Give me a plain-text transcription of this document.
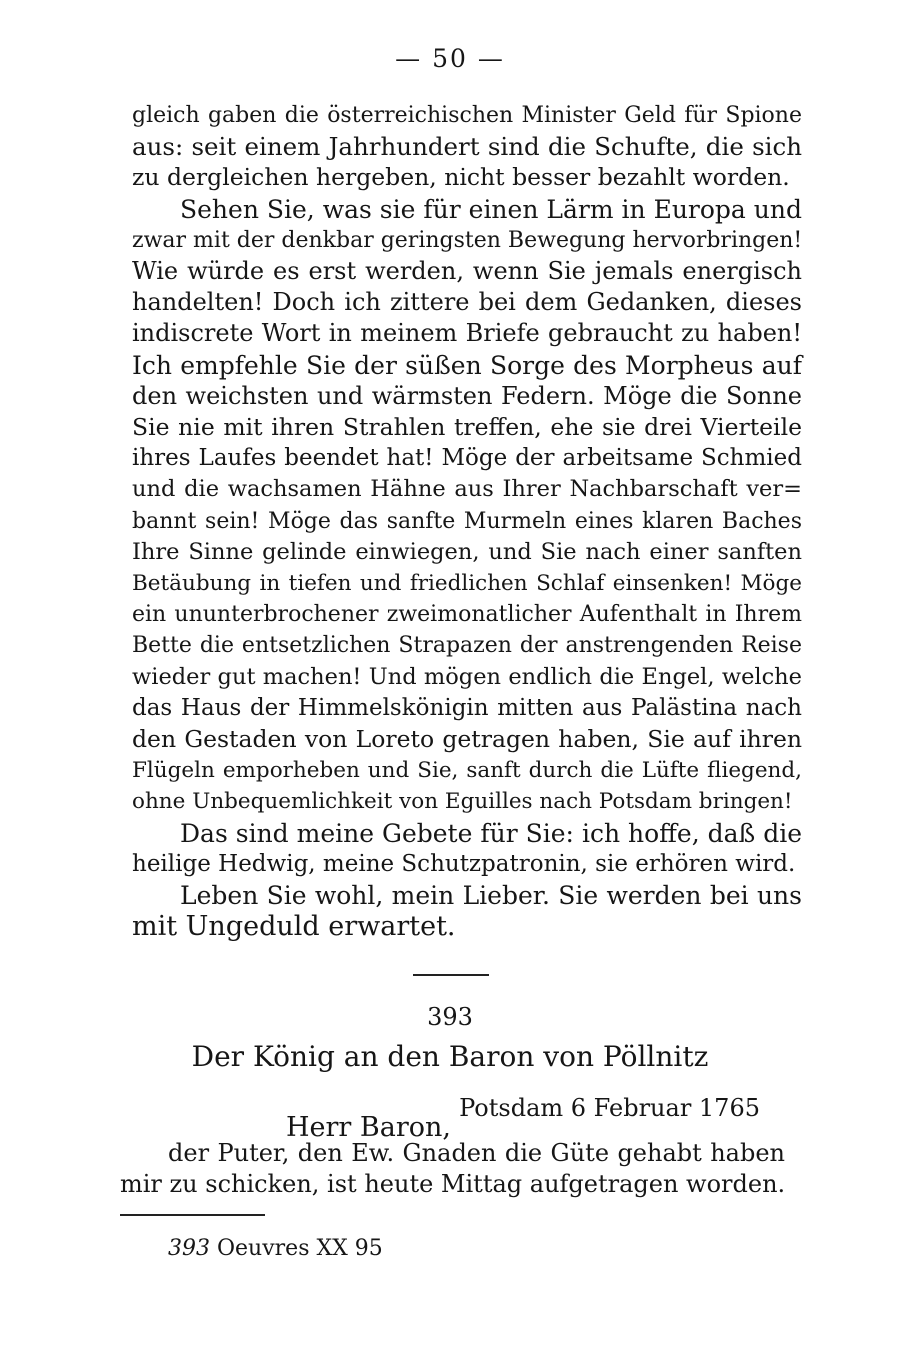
— 50 —
gleich gaben die österreichischen Minister Geld für Spione
aus: seit einem Jahrhundert sind die Schufte, die sich
zu dergleichen hergeben, nicht besser bezahlt worden.
Sehen Sie, was sie für einen Lärm in Europa und
zwar mit der denkbar geringsten Bewegung hervorbringen!
Wie würde es erst werden, wenn Sie jemals energisch
handelten! Doch ich zittere bei dem Gedanken, dieses
indiscrete Wort in meinem Briefe gebraucht zu haben!
Ich empfehle Sie der süßen Sorge des Morpheus auf
den weichsten und wärmsten Federn. Möge die Sonne
Sie nie mit ihren Strahlen treffen, ehe sie drei Vierteile
ihres Laufes beendet hat! Möge der arbeitsame Schmied
und die wachsamen Hähne aus Ihrer Nachbarschaft ver=
bannt sein! Möge das sanfte Murmeln eines klaren Baches
Ihre Sinne gelinde einwiegen, und Sie nach einer sanften
Betäubung in tiefen und friedlichen Schlaf einsenken! Möge
ein ununterbrochener zweimonatlicher Aufenthalt in Ihrem
Bette die entsetzlichen Strapazen der anstrengenden Reise
wieder gut machen! Und mögen endlich die Engel, welche
das Haus der Himmelskönigin mitten aus Palästina nach
den Gestaden von Loreto getragen haben, Sie auf ihren
Flügeln emporheben und Sie, sanft durch die Lüfte fliegend,
ohne Unbequemlichkeit von Eguilles nach Potsdam bringen!
Das sind meine Gebete für Sie: ich hoffe, daß die
heilige Hedwig, meine Schutzpatronin, sie erhören wird.
Leben Sie wohl, mein Lieber. Sie werden bei uns
mit Ungeduld erwartet.
393
Der König an den Baron von Pöllnitz
Potsdam 6 Februar 1765
Herr Baron,
der Puter, den Ew. Gnaden die Güte gehabt haben
mir zu schicken, ist heute Mittag aufgetragen worden.
393 Oeuvres XX 95
